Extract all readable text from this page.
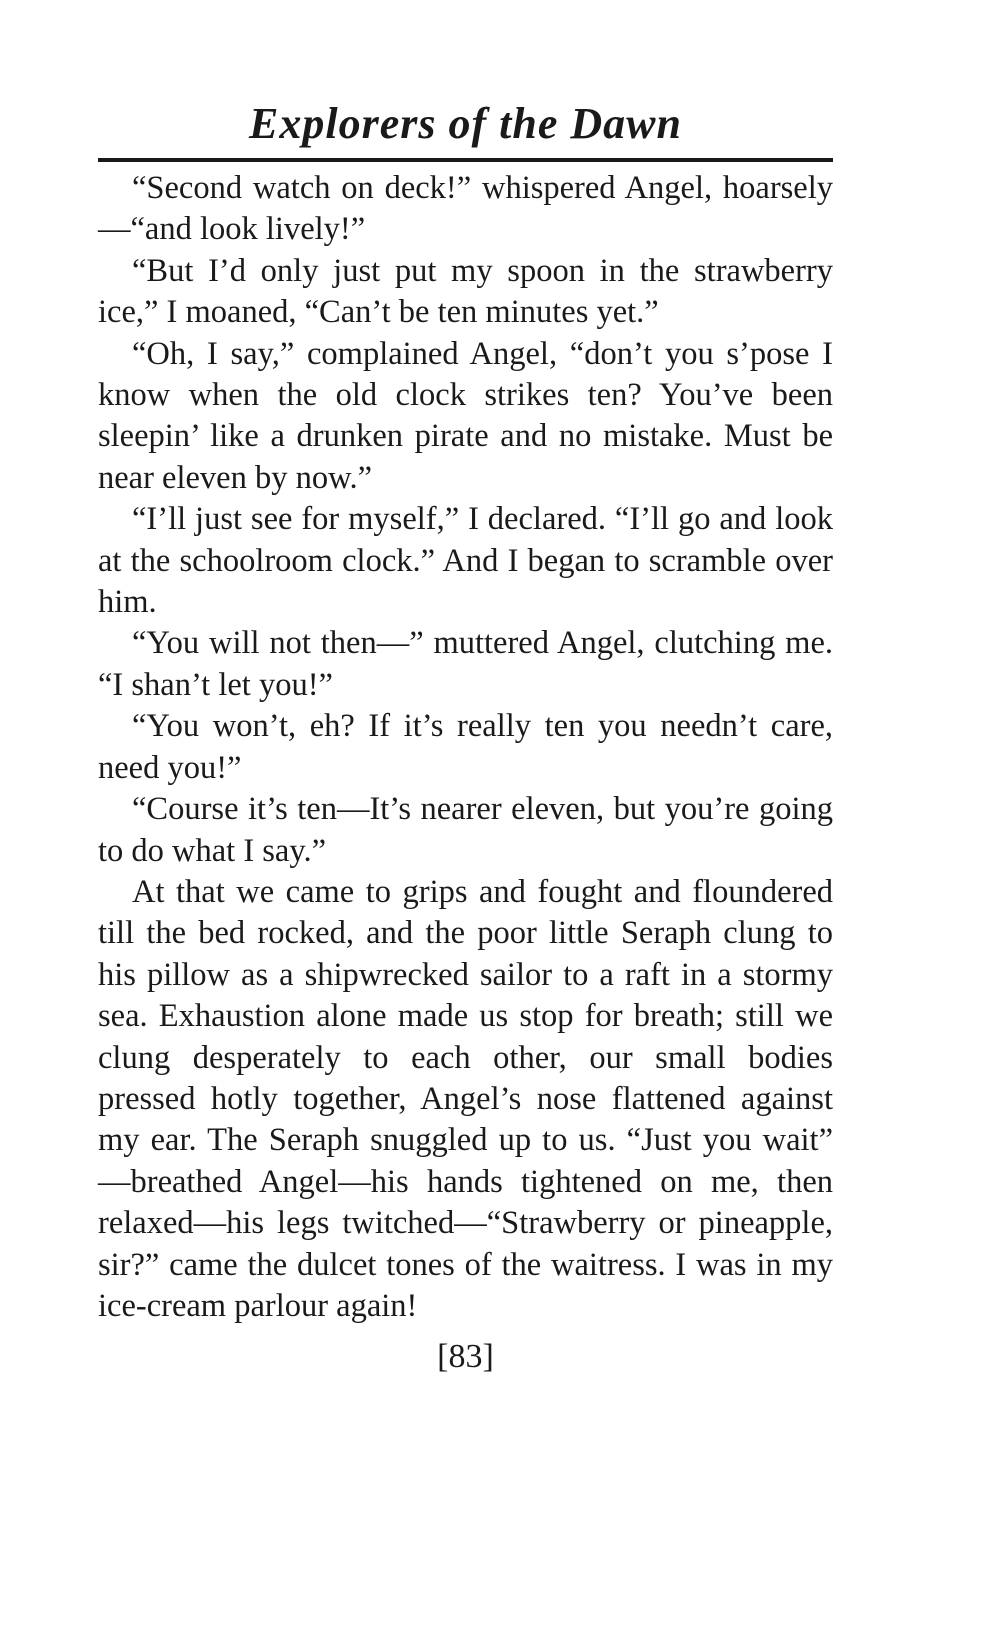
Explorers of the Dawn

“Second watch on deck!” whispered Angel, hoarsely—“and look lively!”

“But I’d only just put my spoon in the strawberry ice,” I moaned, “Can’t be ten minutes yet.”

“Oh, I say,” complained Angel, “don’t you s’pose I know when the old clock strikes ten? You’ve been sleepin’ like a drunken pirate and no mistake. Must be near eleven by now.”

“I’ll just see for myself,” I declared. “I’ll go and look at the schoolroom clock.” And I began to scramble over him.

“You will not then—” muttered Angel, clutching me. “I shan’t let you!”

“You won’t, eh? If it’s really ten you needn’t care, need you!”

“Course it’s ten—It’s nearer eleven, but you’re going to do what I say.”

At that we came to grips and fought and floundered till the bed rocked, and the poor little Seraph clung to his pillow as a shipwrecked sailor to a raft in a stormy sea. Exhaustion alone made us stop for breath; still we clung desperately to each other, our small bodies pressed hotly together, Angel’s nose flattened against my ear. The Seraph snuggled up to us. “Just you wait” —breathed Angel—his hands tightened on me, then relaxed—his legs twitched—“Strawberry or pineapple, sir?” came the dulcet tones of the waitress. I was in my ice-cream parlour again!

[83]
